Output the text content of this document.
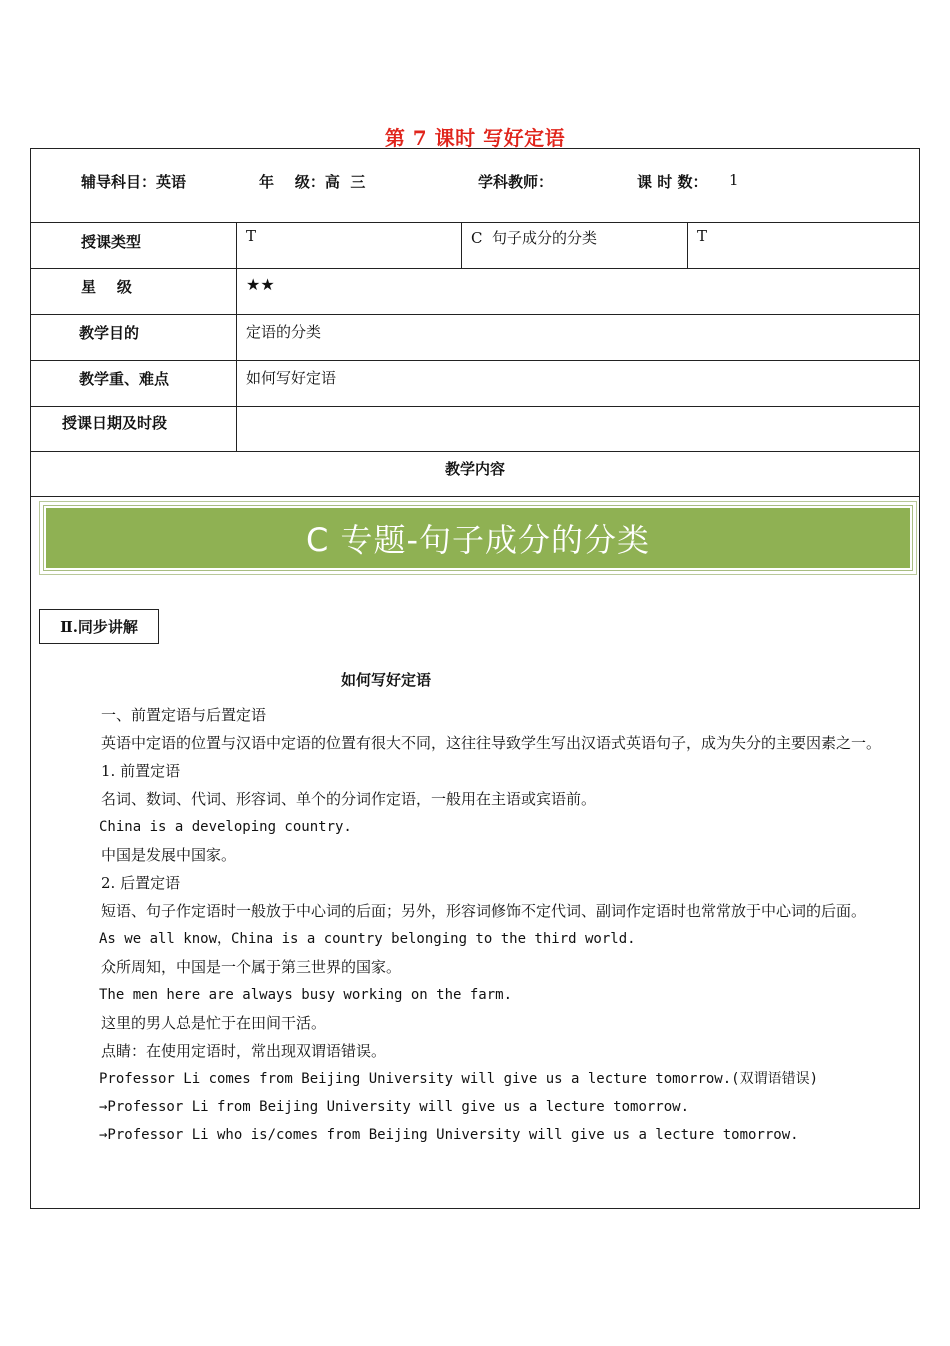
第 7 课时 写好定语
辅导科目：英语	年    级：高  三	学科教师：	课 时 数： 1
授课类型	T	C  句子成分的分类	T
星    级	★★
教学目的	定语的分类
教学重、难点	如何写好定语
授课日期及时段
教学内容
C 专题-句子成分的分类
Ⅱ.同步讲解
如何写好定语

一、前置定语与后置定语

英语中定语的位置与汉语中定语的位置有很大不同，这往往导致学生写出汉语式英语句子，成为失分的主要因素之一。

1. 前置定语

名词、数词、代词、形容词、单个的分词作定语，一般用在主语或宾语前。

China is a developing country.

中国是发展中国家。

2. 后置定语

短语、句子作定语时一般放于中心词的后面；另外，形容词修饰不定代词、副词作定语时也常常放于中心词的后面。

As we all know，China is a country belonging to the third world.

众所周知，中国是一个属于第三世界的国家。

The men here are always busy working on the farm.

这里的男人总是忙于在田间干活。

点睛：在使用定语时，常出现双谓语错误。

Professor Li comes from Beijing University will give us a lecture tomorrow.(双谓语错误)

→Professor Li from Beijing University will give us a lecture tomorrow.

→Professor Li who is/comes from Beijing University will give us a lecture tomorrow.
